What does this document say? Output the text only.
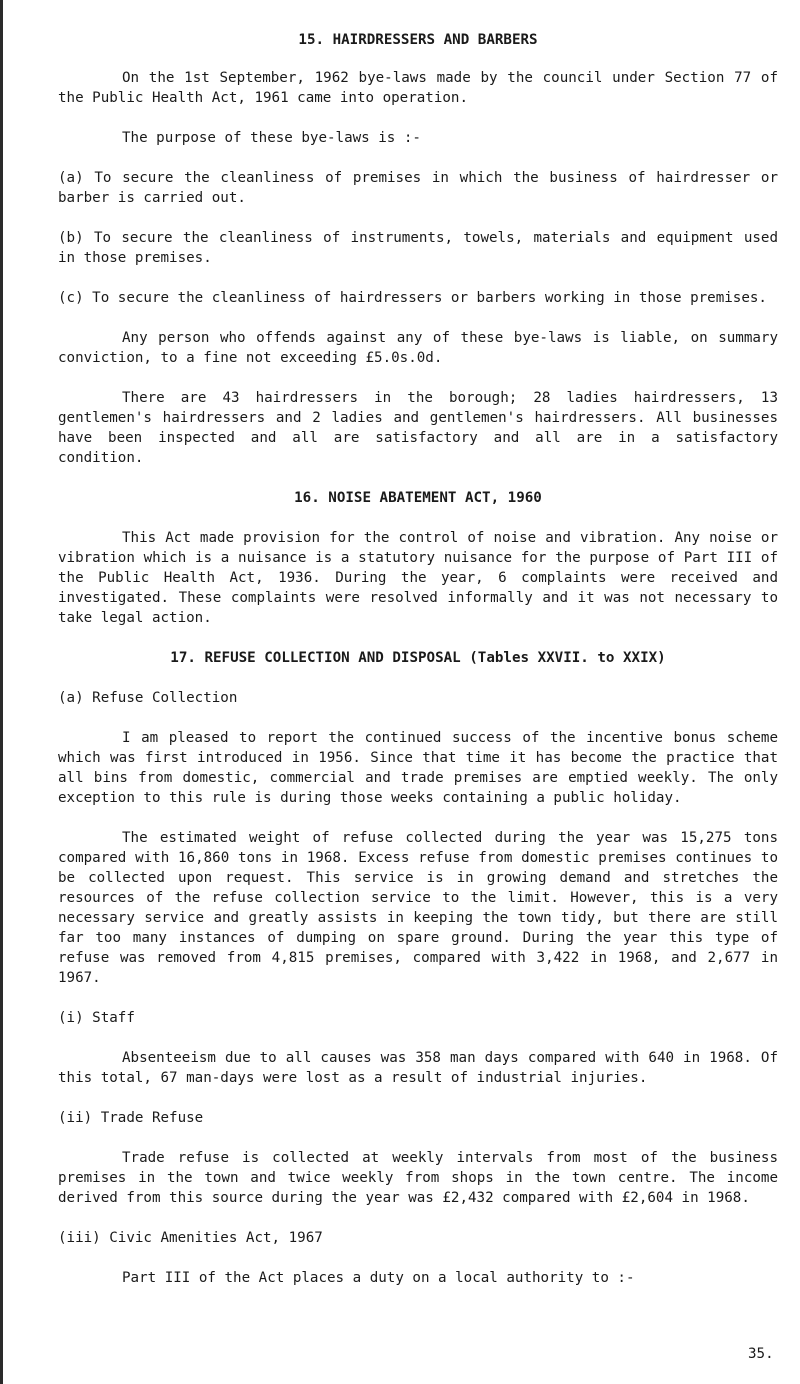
15. HAIRDRESSERS AND BARBERS

On the 1st September, 1962 bye-laws made by the council under Section 77 of the Public Health Act, 1961 came into operation.

The purpose of these bye-laws is :-

(a) To secure the cleanliness of premises in which the business of hairdresser or barber is carried out.

(b) To secure the cleanliness of instruments, towels, materials and equipment used in those premises.

(c) To secure the cleanliness of hairdressers or barbers working in those premises.

Any person who offends against any of these bye-laws is liable, on summary conviction, to a fine not exceeding £5.0s.0d.

There are 43 hairdressers in the borough; 28 ladies hairdressers, 13 gentlemen's hairdressers and 2 ladies and gentlemen's hairdressers. All businesses have been inspected and all are satisfactory and all are in a satisfactory condition.

16. NOISE ABATEMENT ACT, 1960

This Act made provision for the control of noise and vibration. Any noise or vibration which is a nuisance is a statutory nuisance for the purpose of Part III of the Public Health Act, 1936. During the year, 6 complaints were received and investigated. These complaints were resolved informally and it was not necessary to take legal action.

17. REFUSE COLLECTION AND DISPOSAL (Tables XXVII. to XXIX)

(a) Refuse Collection

I am pleased to report the continued success of the incentive bonus scheme which was first introduced in 1956. Since that time it has become the practice that all bins from domestic, commercial and trade premises are emptied weekly. The only exception to this rule is during those weeks containing a public holiday.

The estimated weight of refuse collected during the year was 15,275 tons compared with 16,860 tons in 1968. Excess refuse from domestic premises continues to be collected upon request. This service is in growing demand and stretches the resources of the refuse collection service to the limit. However, this is a very necessary service and greatly assists in keeping the town tidy, but there are still far too many instances of dumping on spare ground. During the year this type of refuse was removed from 4,815 premises, compared with 3,422 in 1968, and 2,677 in 1967.

(i) Staff

Absenteeism due to all causes was 358 man days compared with 640 in 1968. Of this total, 67 man-days were lost as a result of industrial injuries.

(ii) Trade Refuse

Trade refuse is collected at weekly intervals from most of the business premises in the town and twice weekly from shops in the town centre. The income derived from this source during the year was £2,432 compared with £2,604 in 1968.

(iii) Civic Amenities Act, 1967

Part III of the Act places a duty on a local authority to :-

35.
